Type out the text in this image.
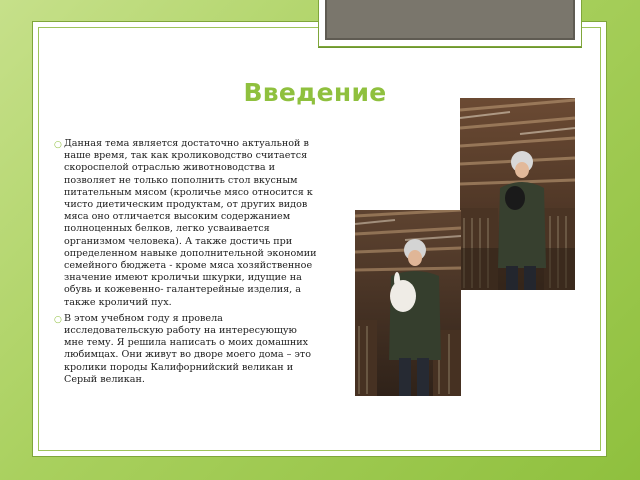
Введение
○ Данная тема является достаточно актуальной в наше время, так как кролиководство считается скороспелой отраслью животноводства и позволяет не только пополнить стол вкусным питательным мясом (кроличье мясо относится к чисто диетическим продуктам, от других видов мяса оно отличается высоким содержанием полноценных белков, легко усваивается организмом человека). А также достичь при определенном навыке дополнительной экономии семейного бюджета - кроме мяса хозяйственное значение имеют кроличьи шкурки, идущие на обувь и кожевенно- галантерейные изделия, а также кроличий пух.
○ В этом учебном году я провела исследовательскую работу на интересующую мне тему. Я решила написать о моих домашних любимцах. Они живут во дворе моего дома – это кролики породы Калифорнийский великан и Серый великан.
